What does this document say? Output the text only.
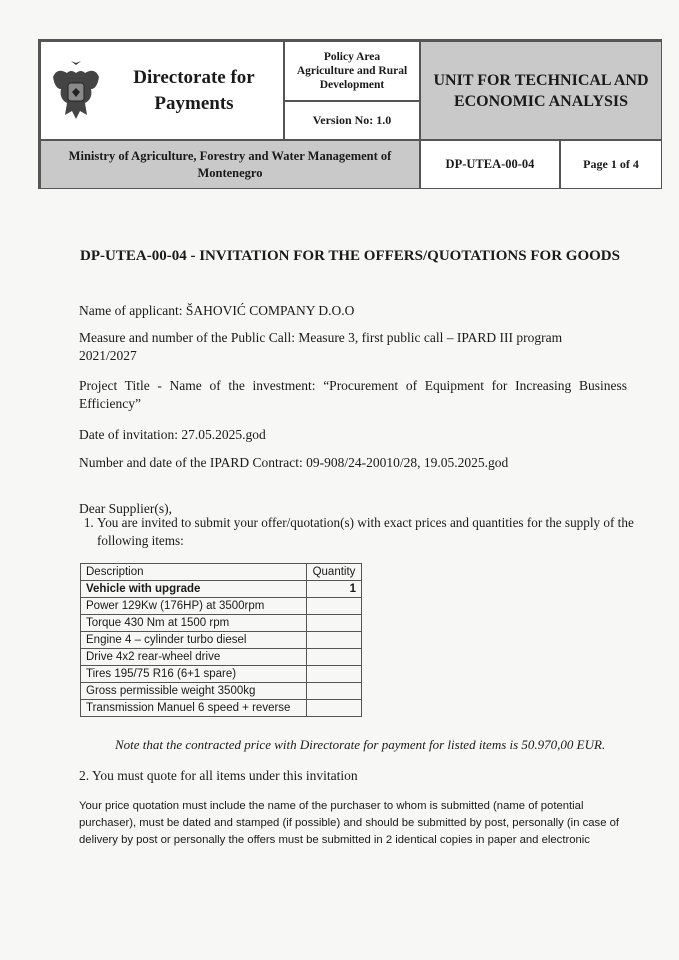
Directorate for Payments
Policy Area
Agriculture and Rural Development
Version No: 1.0
UNIT FOR TECHNICAL AND ECONOMIC ANALYSIS
Ministry of Agriculture, Forestry and Water Management of Montenegro
DP-UTEA-00-04	Page 1 of 4
DP-UTEA-00-04 - INVITATION FOR THE OFFERS/QUOTATIONS FOR GOODS
Name of applicant: ŠAHOVIĆ COMPANY D.O.O
Measure and number of the Public Call: Measure 3, first public call – IPARD III program 2021/2027
Project Title - Name of the investment: “Procurement of Equipment for Increasing Business Efficiency”
Date of invitation: 27.05.2025.god
Number and date of the IPARD Contract: 09-908/24-20010/28, 19.05.2025.god
Dear Supplier(s),
1. You are invited to submit your offer/quotation(s) with exact prices and quantities for the supply of the following items:
Description	Quantity
Vehicle with upgrade	1
Power 129Kw (176HP) at 3500rpm	
Torque 430 Nm at 1500 rpm	
Engine 4 – cylinder turbo diesel	
Drive 4x2 rear-wheel drive	
Tires 195/75 R16 (6+1 spare)	
Gross permissible weight 3500kg	
Transmission Manuel 6 speed + reverse	
Note that the contracted price with Directorate for payment for listed items is 50.970,00 EUR.
2. You must quote for all items under this invitation
Your price quotation must include the name of the purchaser to whom is submitted (name of potential purchaser), must be dated and stamped (if possible) and should be submitted by post, personally (in case of delivery by post or personally the offers must be submitted in 2 identical copies in paper and electronic
